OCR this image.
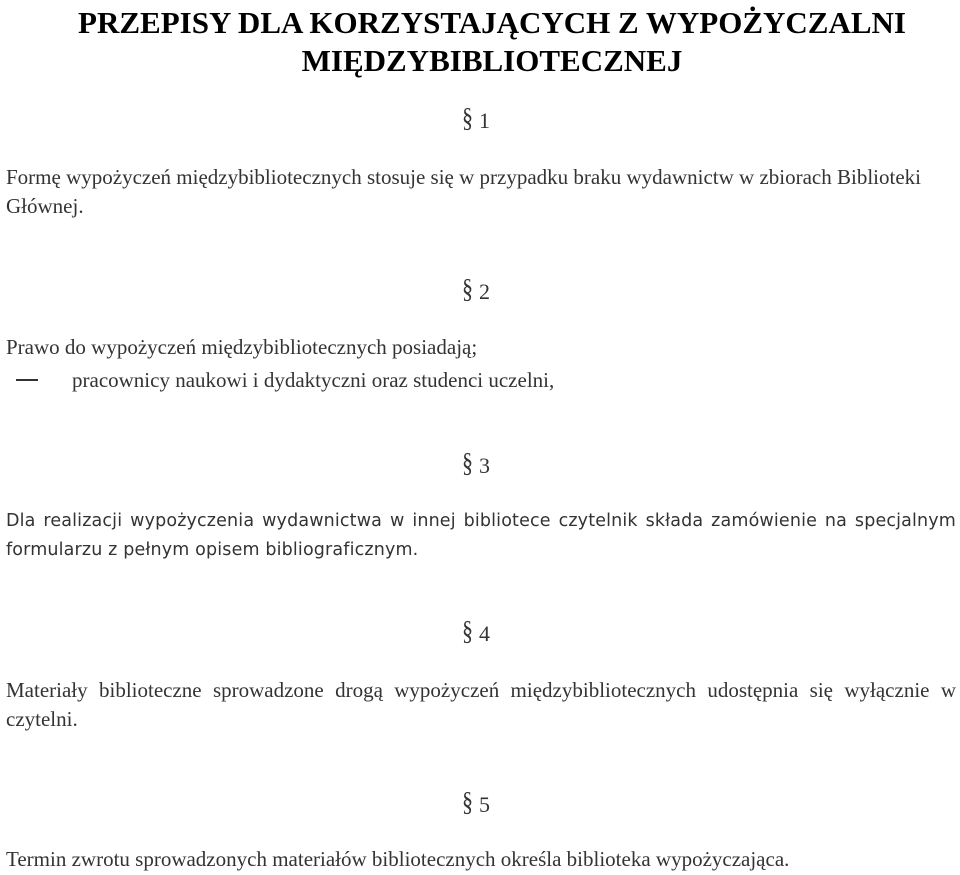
PRZEPISY DLA KORZYSTAJĄCYCH Z WYPOŻYCZALNI MIĘDZYBIBLIOTECZNEJ
§ 1

Formę wypożyczeń międzybibliotecznych stosuje się w przypadku braku wydawnictw w zbiorach Biblioteki Głównej.

§ 2

Prawo do wypożyczeń międzybibliotecznych posiadają;

pracownicy naukowi i dydaktyczni oraz studenci uczelni,
§ 3

Dla realizacji wypożyczenia wydawnictwa w innej bibliotece czytelnik składa zamówienie na specjalnym formularzu z pełnym opisem bibliograficznym.

§ 4

Materiały biblioteczne sprowadzone drogą wypożyczeń międzybibliotecznych udostępnia się wyłącznie w czytelni.

§ 5

Termin zwrotu sprowadzonych materiałów bibliotecznych określa biblioteka wypożyczająca.
